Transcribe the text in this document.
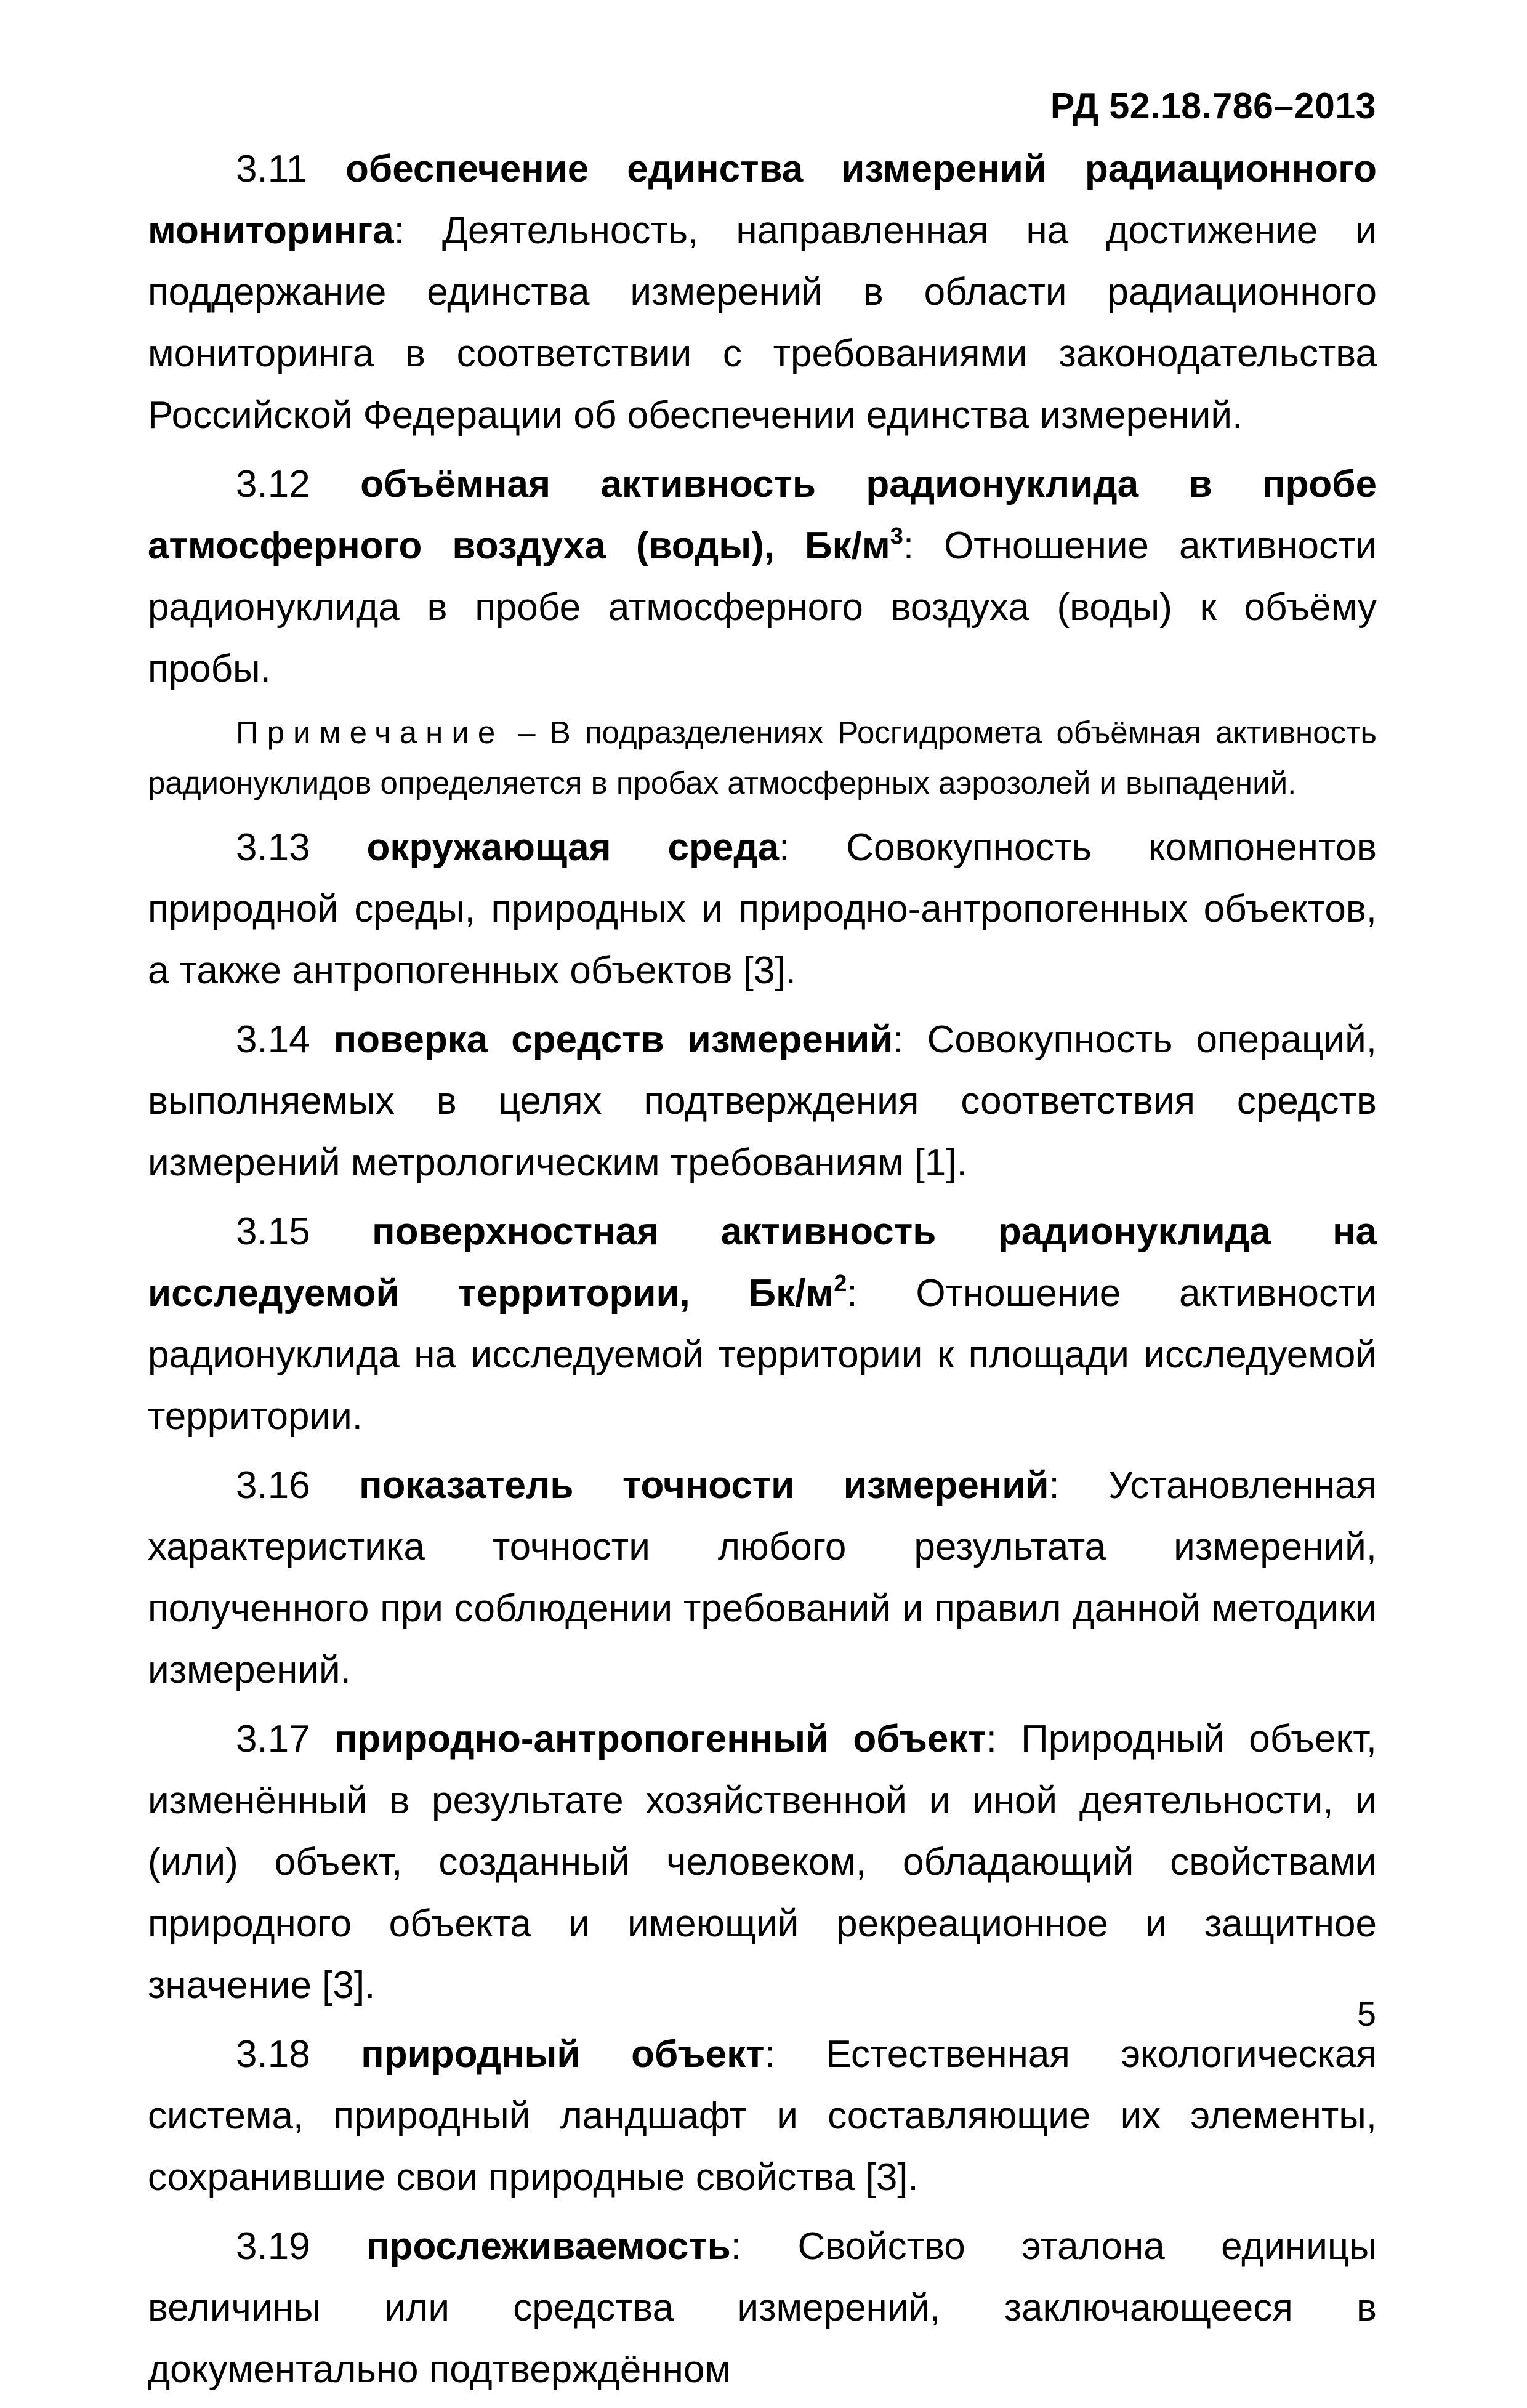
РД 52.18.786–2013

3.11 обеспечение единства измерений радиационного мониторинга: Деятельность, направленная на достижение и поддержание единства измерений в области радиационного мониторинга в соответствии с требованиями законодательства Российской Федерации об обеспечении единства измерений.

3.12 объёмная активность радионуклида в пробе атмосферного воздуха (воды), $Бк/м^3$: Отношение активности радионуклида в пробе атмосферного воздуха (воды) к объёму пробы.

Примечание – В подразделениях Росгидромета объёмная активность радионуклидов определяется в пробах атмосферных аэрозолей и выпадений.

3.13 окружающая среда: Совокупность компонентов природной среды, природных и природно-антропогенных объектов, а также антропогенных объектов [3].

3.14 поверка средств измерений: Совокупность операций, выполняемых в целях подтверждения соответствия средств измерений метрологическим требованиям [1].

3.15 поверхностная активность радионуклида на исследуемой территории, $Бк/м^2$: Отношение активности радионуклида на исследуемой территории к площади исследуемой территории.

3.16 показатель точности измерений: Установленная характеристика точности любого результата измерений, полученного при соблюдении требований и правил данной методики измерений.

3.17 природно-антропогенный объект: Природный объект, изменённый в результате хозяйственной и иной деятельности, и (или) объект, созданный человеком, обладающий свойствами природного объекта и имеющий рекреационное и защитное значение [3].

3.18 природный объект: Естественная экологическая система, природный ландшафт и составляющие их элементы, сохранившие свои природные свойства [3].

3.19 прослеживаемость: Свойство эталона единицы величины или средства измерений, заключающееся в документально подтверждённом

5
